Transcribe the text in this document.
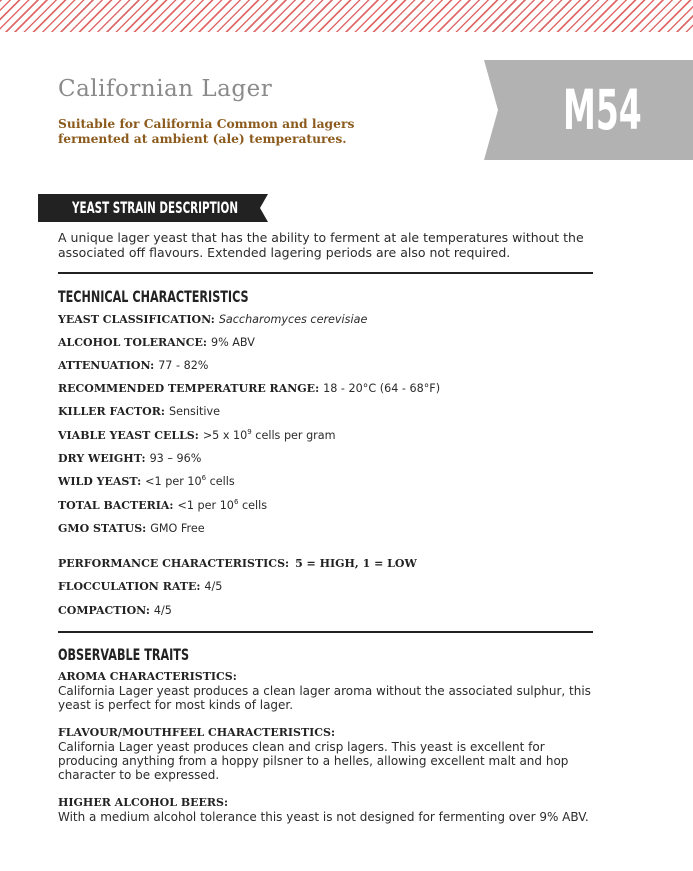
Californian Lager
Suitable for California Common and lagers fermented at ambient (ale) temperatures.	M54
YEAST STRAIN DESCRIPTION
A unique lager yeast that has the ability to ferment at ale temperatures without the associated off flavours. Extended lagering periods are also not required.
TECHNICAL CHARACTERISTICS
YEAST CLASSIFICATION: Saccharomyces cerevisiae
ALCOHOL TOLERANCE: 9% ABV
ATTENUATION: 77 - 82%
RECOMMENDED TEMPERATURE RANGE: 18 - 20°C (64 - 68°F)
KILLER FACTOR: Sensitive
VIABLE YEAST CELLS: >5 x $10^9$ cells per gram
DRY WEIGHT: 93 – 96%
WILD YEAST: <1 per $10^6$ cells
TOTAL BACTERIA: <1 per $10^6$ cells
GMO STATUS: GMO Free
PERFORMANCE CHARACTERISTICS: 5 = HIGH, 1 = LOW
FLOCCULATION RATE: 4/5
COMPACTION: 4/5
OBSERVABLE TRAITS
AROMA CHARACTERISTICS:
California Lager yeast produces a clean lager aroma without the associated sulphur, this yeast is perfect for most kinds of lager.
FLAVOUR/MOUTHFEEL CHARACTERISTICS:
California Lager yeast produces clean and crisp lagers. This yeast is excellent for producing anything from a hoppy pilsner to a helles, allowing excellent malt and hop character to be expressed.
HIGHER ALCOHOL BEERS:
With a medium alcohol tolerance this yeast is not designed for fermenting over 9% ABV.
